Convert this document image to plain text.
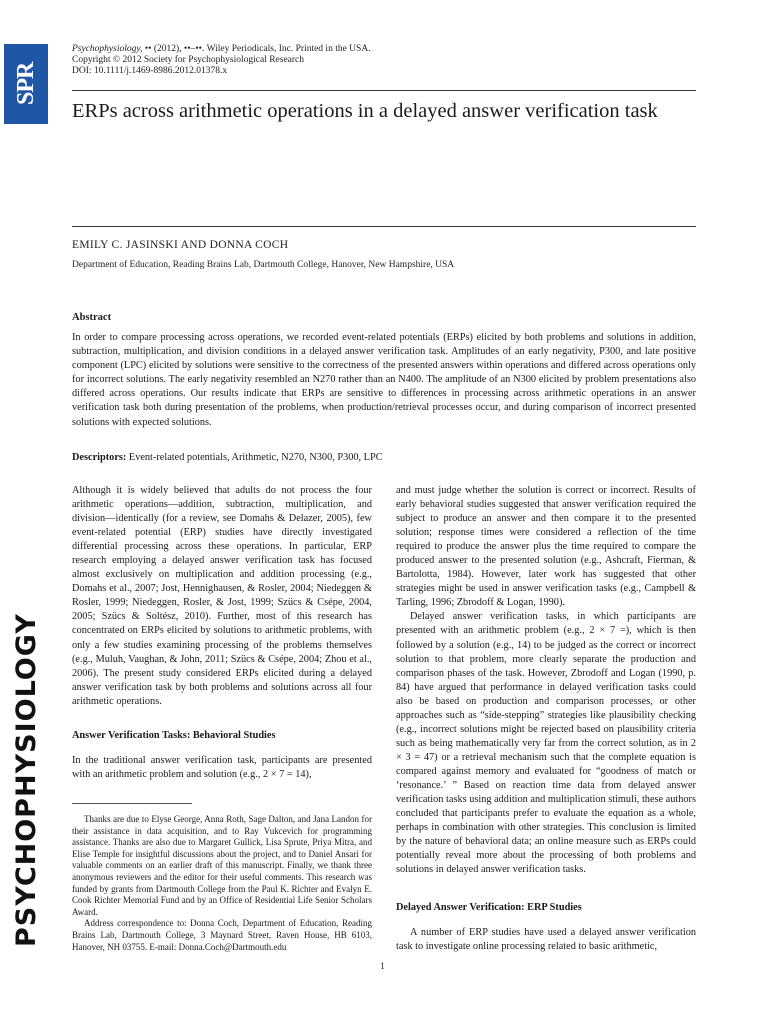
SPR
PSYCHOPHYSIOLOGY
Psychophysiology, •• (2012), ••–••. Wiley Periodicals, Inc. Printed in the USA.
Copyright © 2012 Society for Psychophysiological Research
DOI: 10.1111/j.1469-8986.2012.01378.x
ERPs across arithmetic operations in a delayed answer verification task
EMILY C. JASINSKI AND DONNA COCH
Department of Education, Reading Brains Lab, Dartmouth College, Hanover, New Hampshire, USA
Abstract
In order to compare processing across operations, we recorded event-related potentials (ERPs) elicited by both problems and solutions in addition, subtraction, multiplication, and division conditions in a delayed answer verification task. Amplitudes of an early negativity, P300, and late positive component (LPC) elicited by solutions were sensitive to the correctness of the presented answers within operations and differed across operations only for incorrect solutions. The early negativity resembled an N270 rather than an N400. The amplitude of an N300 elicited by problem presentations also differed across operations. Our results indicate that ERPs are sensitive to differences in processing across arithmetic operations in an answer verification task both during presentation of the problems, when production/retrieval processes occur, and during comparison of incorrect presented solutions with expected solutions.
Descriptors: Event-related potentials, Arithmetic, N270, N300, P300, LPC
Although it is widely believed that adults do not process the four arithmetic operations—addition, subtraction, multiplication, and division—identically (for a review, see Domahs & Delazer, 2005), few event-related potential (ERP) studies have directly investigated differential processing across these operations. In particular, ERP research employing a delayed answer verification task has focused almost exclusively on multiplication and addition processing (e.g., Domahs et al., 2007; Jost, Hennighausen, & Rosler, 2004; Niedeggen & Rosler, 1999; Niedeggen, Rosler, & Jost, 1999; Szücs & Csépe, 2004, 2005; Szücs & Soltész, 2010). Further, most of this research has concentrated on ERPs elicited by solutions to arithmetic problems, with only a few studies examining processing of the problems themselves (e.g., Muluh, Vaughan, & John, 2011; Szücs & Csépe, 2004; Zhou et al., 2006). The present study considered ERPs elicited during a delayed answer verification task by both problems and solutions across all four arithmetic operations.
Answer Verification Tasks: Behavioral Studies
In the traditional answer verification task, participants are presented with an arithmetic problem and solution (e.g., 2 × 7 = 14),

Thanks are due to Elyse George, Anna Roth, Sage Dalton, and Jana Landon for their assistance in data acquisition, and to Ray Vukcevich for programming assistance. Thanks are also due to Margaret Gullick, Lisa Sprute, Priya Mitra, and Elise Temple for insightful discussions about the project, and to Daniel Ansari for valuable comments on an earlier draft of this manuscript. Finally, we thank three anonymous reviewers and the editor for their useful comments. This research was funded by grants from Dartmouth College from the Paul K. Richter and Evalyn E. Cook Richter Memorial Fund and by an Office of Residential Life Senior Scholars Award.

Address correspondence to: Donna Coch, Department of Education, Reading Brains Lab, Dartmouth College, 3 Maynard Street, Raven House, HB 6103, Hanover, NH 03755. E-mail: Donna.Coch@Dartmouth.edu

and must judge whether the solution is correct or incorrect. Results of early behavioral studies suggested that answer verification required the subject to produce an answer and then compare it to the presented solution; response times were considered a reflection of the time required to produce the answer plus the time required to compare the produced answer to the presented solution (e.g., Ashcraft, Fierman, & Bartolotta, 1984). However, later work has suggested that other strategies might be used in answer verification tasks (e.g., Campbell & Tarling, 1996; Zbrodoff & Logan, 1990).

Delayed answer verification tasks, in which participants are presented with an arithmetic problem (e.g., 2 × 7 =), which is then followed by a solution (e.g., 14) to be judged as the correct or incorrect solution to that problem, more clearly separate the production and comparison phases of the task. However, Zbrodoff and Logan (1990, p. 84) have argued that performance in delayed verification tasks could also be based on production and comparison processes, or other approaches such as “side-stepping” strategies like plausibility checking (e.g., incorrect solutions might be rejected based on plausibility criteria such as being mathematically very far from the correct solution, as in 2 × 3 = 47) or a retrieval mechanism such that the complete equation is compared against memory and evaluated for “goodness of match or ‘resonance.’ ” Based on reaction time data from delayed answer verification tasks using addition and multiplication stimuli, these authors concluded that participants prefer to evaluate the equation as a whole, perhaps in combination with other strategies. This conclusion is limited by the nature of behavioral data; an online measure such as ERPs could potentially reveal more about the processing of both problems and solutions in delayed answer verification tasks.

Delayed Answer Verification: ERP Studies
A number of ERP studies have used a delayed answer verification task to investigate online processing related to basic arithmetic,
1
